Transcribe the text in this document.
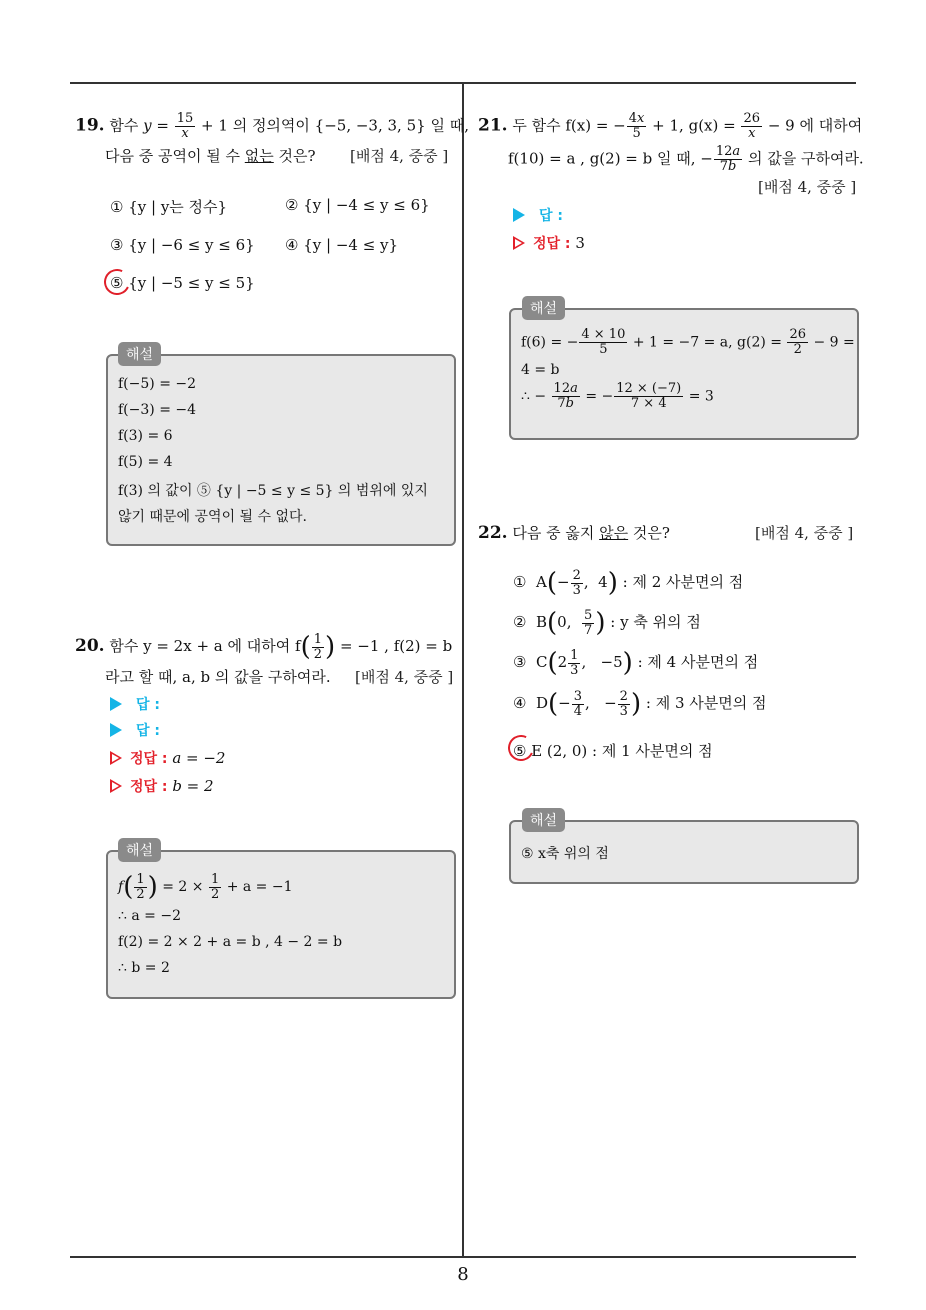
19. 함수 $y = \frac{15}{x} + 1$ 의 정의역이 {−5, −3, 3, 5} 일 때,
다음 중 공역이 될 수 없는 것은? [배점 4, 중중 ]
① {y | y는 정수}	② {y | −4 ≤ y ≤ 6}
③ {y | −6 ≤ y ≤ 6} ④ {y | −4 ≤ y}
⑤ {y | −5 ≤ y ≤ 5}
해설
f(−5) = −2
f(−3) = −4
f(3) = 6
f(5) = 4
f(3) 의 값이 ⑤ {y | −5 ≤ y ≤ 5} 의 범위에 있지
않기 때문에 공역이 될 수 없다.
20. 함수 y = 2x + a 에 대하여 $f( \frac{1}{2}$ ) = −1 , f(2) = b
라고 할 때, a, b 의 값을 구하여라. [배점 4, 중중 ]
답 :
답 :
정답 : a = −2
정답 : b = 2
해설
$f( \frac{1}{2}$ ) = $2 \times \frac{1}{2} + a = -1$
∴ a = −2
f(2) = 2 × 2 + a = b , 4 − 2 = b
∴ b = 2
21. 두 함수 f(x) = − $\frac{4x}{5} + 1$, $g(x) = \frac{26}{x} - 9$ 에 대하여
f(10) = a , g(2) = b 일 때, − $\frac{12a}{7b}$ 의 값을 구하여라.
[배점 4, 중중 ]
답 :
정답 : 3
해설
f(6) = − $\frac{4 \times 10}{5} + 1 = -7 = a$, $g(2) = \frac{26}{2} - 9$ =
4 = b
∴ − $\frac{12a}{7b}$ = − $\frac{12 \times (-7)}{7 \times 4} = 3$
22. 다음 중 옳지 않은 것은?	[배점 4, 중중 ]
①  $A(- \frac{2}{3}$ ,  4) : 제 2 사분면의 점
②  B(0, $\frac{5}{7}$ ) : y 축 위의 점
③  $C(2 \frac{1}{3}$ ,   −5) : 제 4 사분면의 점
④  $D(- \frac{3}{4}$ ,   − $\frac{2}{3}$ ) : 제 3 사분면의 점
⑤ E (2, 0) : 제 1 사분면의 점
해설
⑤ x축 위의 점
8
